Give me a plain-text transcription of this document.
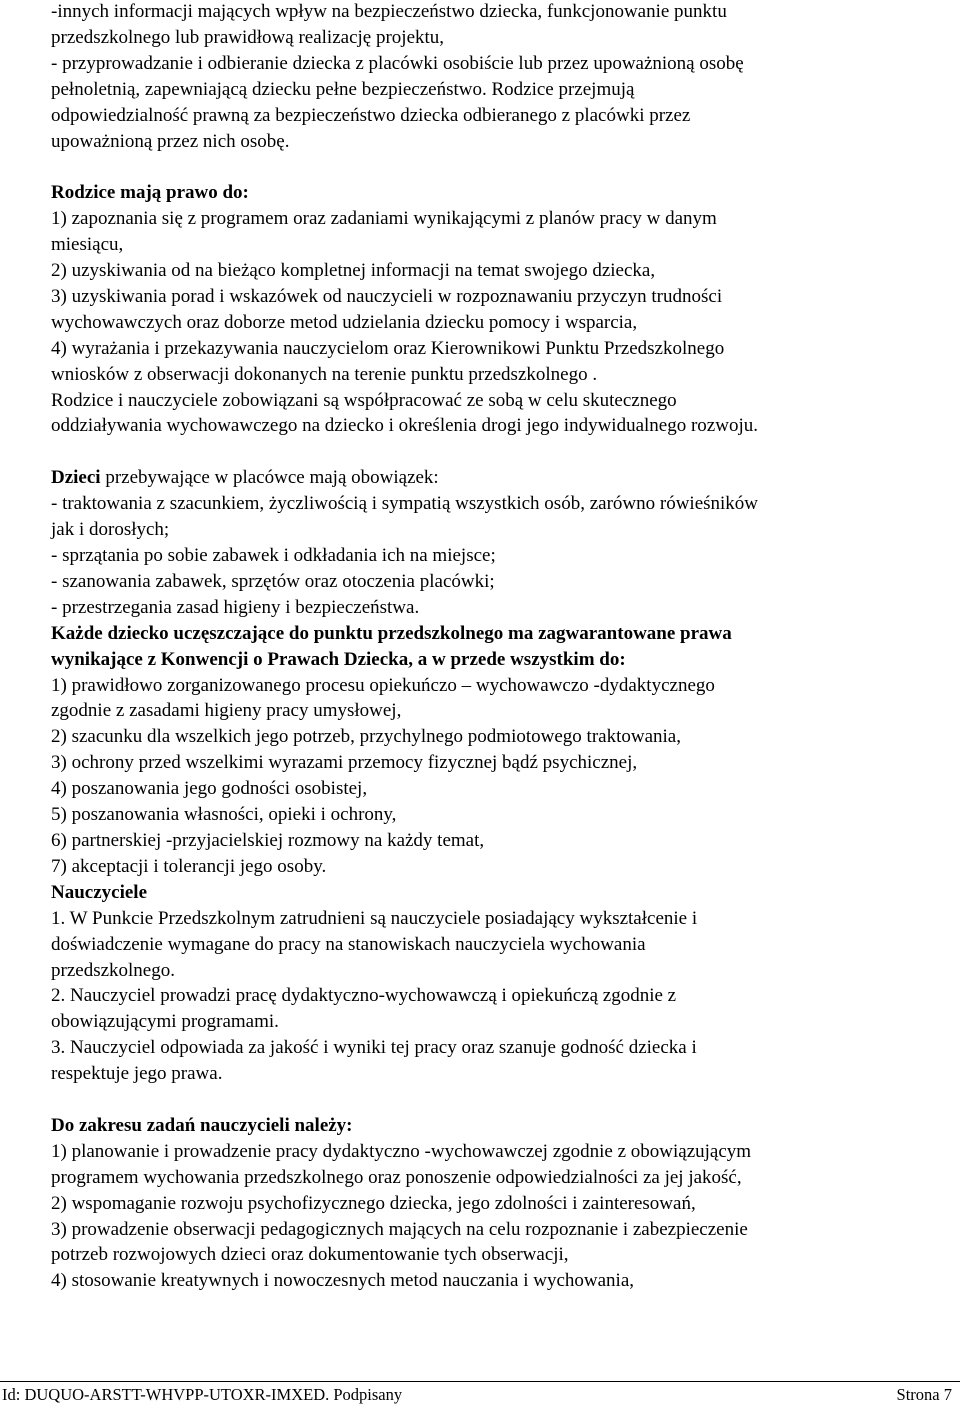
-innych informacji mających wpływ na bezpieczeństwo dziecka, funkcjonowanie punktu
przedszkolnego lub prawidłową realizację projektu,
- przyprowadzanie i odbieranie dziecka z placówki osobiście lub przez upoważnioną osobę
pełnoletnią, zapewniającą dziecku pełne bezpieczeństwo. Rodzice przejmują
odpowiedzialność prawną za bezpieczeństwo dziecka odbieranego z placówki przez
upoważnioną przez nich osobę.
Rodzice mają prawo do:
1) zapoznania się z programem oraz zadaniami wynikającymi z planów pracy w danym
miesiącu,
2) uzyskiwania od na bieżąco kompletnej informacji na temat swojego dziecka,
3) uzyskiwania porad i wskazówek od nauczycieli w rozpoznawaniu przyczyn trudności
wychowawczych oraz doborze metod udzielania dziecku pomocy i wsparcia,
4) wyrażania i przekazywania nauczycielom oraz Kierownikowi Punktu Przedszkolnego
wniosków z obserwacji dokonanych na terenie punktu przedszkolnego .
Rodzice i nauczyciele zobowiązani są współpracować ze sobą w celu skutecznego
oddziaływania wychowawczego na dziecko i określenia drogi jego indywidualnego rozwoju.
Dzieci przebywające w placówce mają obowiązek:
- traktowania z szacunkiem, życzliwością i sympatią wszystkich osób, zarówno rówieśników
jak i dorosłych;
- sprzątania po sobie zabawek i odkładania ich na miejsce;
- szanowania zabawek, sprzętów oraz otoczenia placówki;
- przestrzegania zasad higieny i bezpieczeństwa.
Każde dziecko uczęszczające do punktu przedszkolnego ma zagwarantowane prawa
wynikające z Konwencji o Prawach Dziecka, a w przede wszystkim do:
1) prawidłowo zorganizowanego procesu opiekuńczo – wychowawczo -dydaktycznego
zgodnie z zasadami higieny pracy umysłowej,
2) szacunku dla wszelkich jego potrzeb, przychylnego podmiotowego traktowania,
3) ochrony przed wszelkimi wyrazami przemocy fizycznej bądź psychicznej,
4) poszanowania jego godności osobistej,
5) poszanowania własności, opieki i ochrony,
6) partnerskiej -przyjacielskiej rozmowy na każdy temat,
7) akceptacji i tolerancji jego osoby.
Nauczyciele
1. W Punkcie Przedszkolnym zatrudnieni są nauczyciele posiadający wykształcenie i
doświadczenie wymagane do pracy na stanowiskach nauczyciela wychowania
przedszkolnego.
2. Nauczyciel prowadzi pracę dydaktyczno-wychowawczą i opiekuńczą zgodnie z
obowiązującymi programami.
3. Nauczyciel odpowiada za jakość i wyniki tej pracy oraz szanuje godność dziecka i
respektuje jego prawa.
Do zakresu zadań nauczycieli należy:
1) planowanie i prowadzenie pracy dydaktyczno -wychowawczej zgodnie z obowiązującym
programem wychowania przedszkolnego oraz ponoszenie odpowiedzialności za jej jakość,
2) wspomaganie rozwoju psychofizycznego dziecka, jego zdolności i zainteresowań,
3) prowadzenie obserwacji pedagogicznych mających na celu rozpoznanie i zabezpieczenie
potrzeb rozwojowych dzieci oraz dokumentowanie tych obserwacji,
4) stosowanie kreatywnych i nowoczesnych metod nauczania i wychowania,
Id: DUQUO-ARSTT-WHVPP-UTOXR-IMXED. Podpisany	Strona 7
